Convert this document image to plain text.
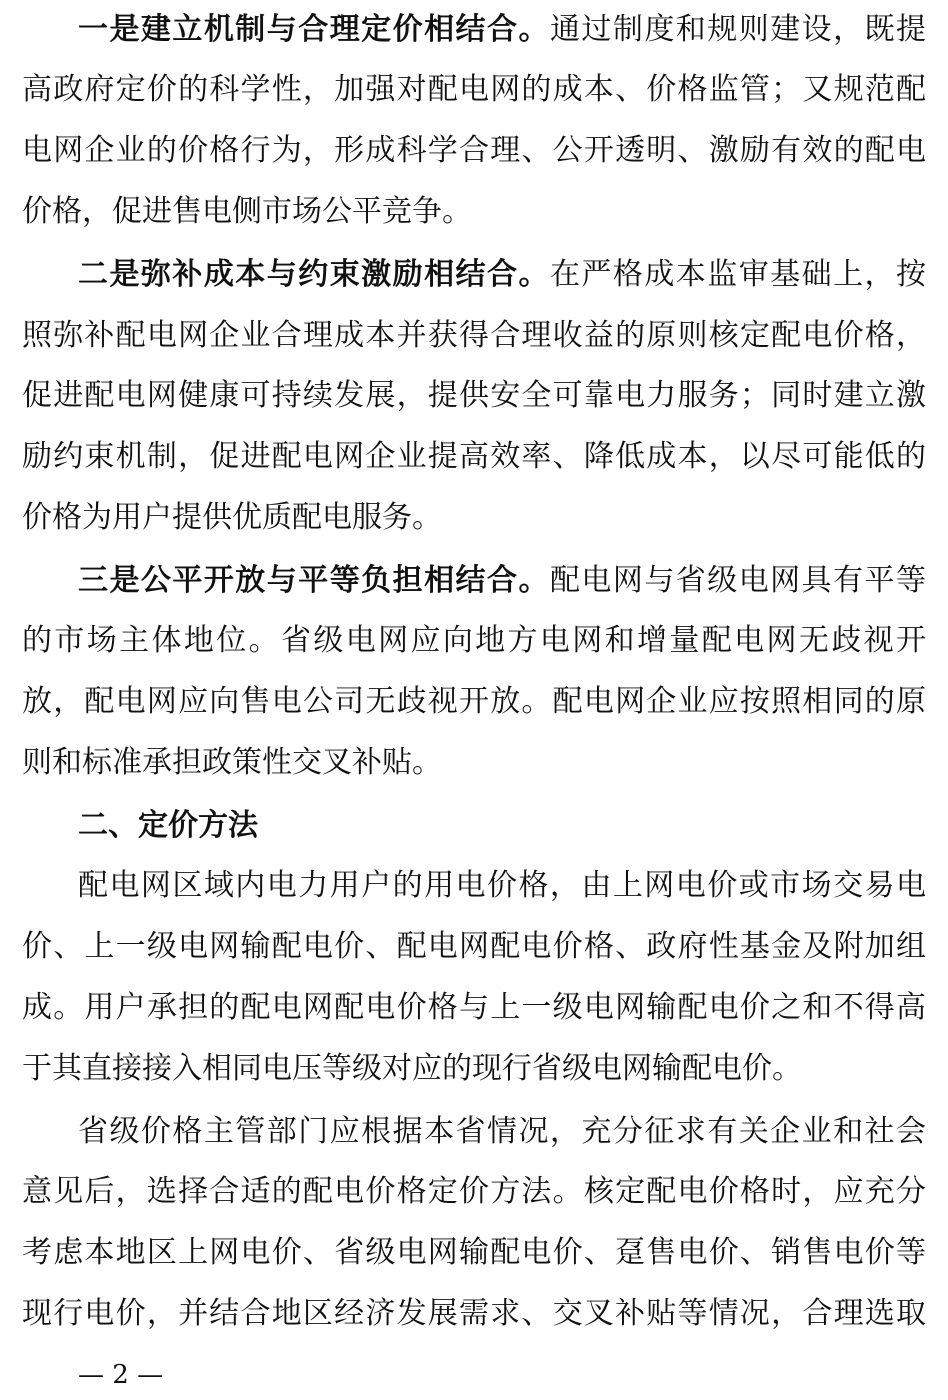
一是建立机制与合理定价相结合。通过制度和规则建设，既提
高政府定价的科学性，加强对配电网的成本、价格监管；又规范配
电网企业的价格行为，形成科学合理、公开透明、激励有效的配电
价格，促进售电侧市场公平竞争。
二是弥补成本与约束激励相结合。在严格成本监审基础上，按
照弥补配电网企业合理成本并获得合理收益的原则核定配电价格，
促进配电网健康可持续发展，提供安全可靠电力服务；同时建立激
励约束机制，促进配电网企业提高效率、降低成本，以尽可能低的
价格为用户提供优质配电服务。
三是公平开放与平等负担相结合。配电网与省级电网具有平等
的市场主体地位。省级电网应向地方电网和增量配电网无歧视开
放，配电网应向售电公司无歧视开放。配电网企业应按照相同的原
则和标准承担政策性交叉补贴。
二、定价方法
配电网区域内电力用户的用电价格，由上网电价或市场交易电
价、上一级电网输配电价、配电网配电价格、政府性基金及附加组
成。用户承担的配电网配电价格与上一级电网输配电价之和不得高
于其直接接入相同电压等级对应的现行省级电网输配电价。
省级价格主管部门应根据本省情况，充分征求有关企业和社会
意见后，选择合适的配电价格定价方法。核定配电价格时，应充分
考虑本地区上网电价、省级电网输配电价、趸售电价、销售电价等
现行电价，并结合地区经济发展需求、交叉补贴等情况，合理选取
— 2 —
